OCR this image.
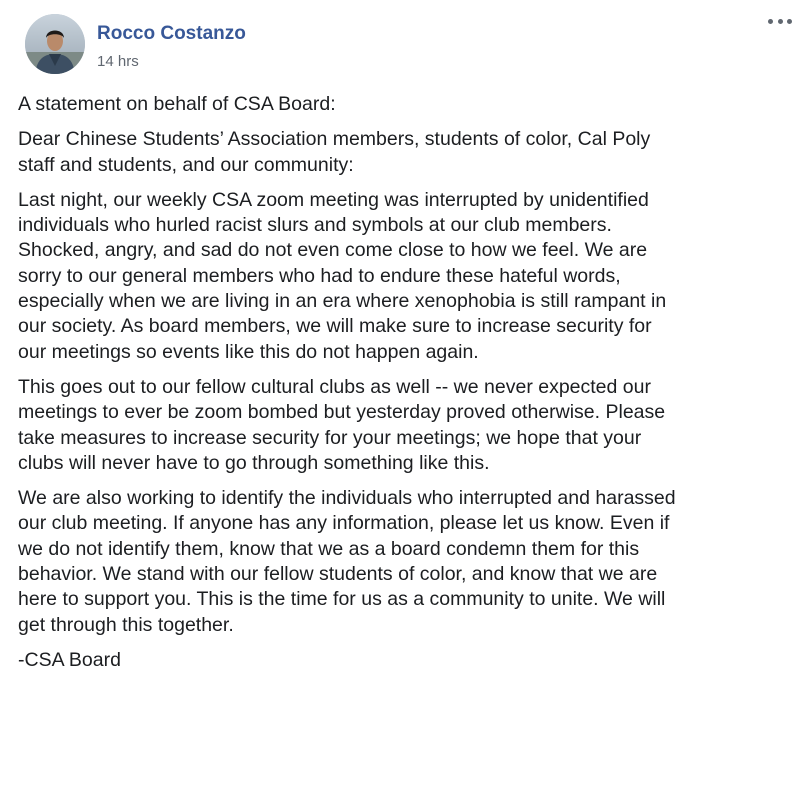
Rocco Costanzo
14 hrs

A statement on behalf of CSA Board:

Dear Chinese Students’ Association members, students of color, Cal Poly
staff and students, and our community:

Last night, our weekly CSA zoom meeting was interrupted by unidentified
individuals who hurled racist slurs and symbols at our club members.
Shocked, angry, and sad do not even come close to how we feel. We are
sorry to our general members who had to endure these hateful words,
especially when we are living in an era where xenophobia is still rampant in
our society. As board members, we will make sure to increase security for
our meetings so events like this do not happen again.

This goes out to our fellow cultural clubs as well -- we never expected our
meetings to ever be zoom bombed but yesterday proved otherwise. Please
take measures to increase security for your meetings; we hope that your
clubs will never have to go through something like this.

We are also working to identify the individuals who interrupted and harassed
our club meeting. If anyone has any information, please let us know. Even if
we do not identify them, know that we as a board condemn them for this
behavior. We stand with our fellow students of color, and know that we are
here to support you. This is the time for us as a community to unite. We will
get through this together.

-CSA Board
